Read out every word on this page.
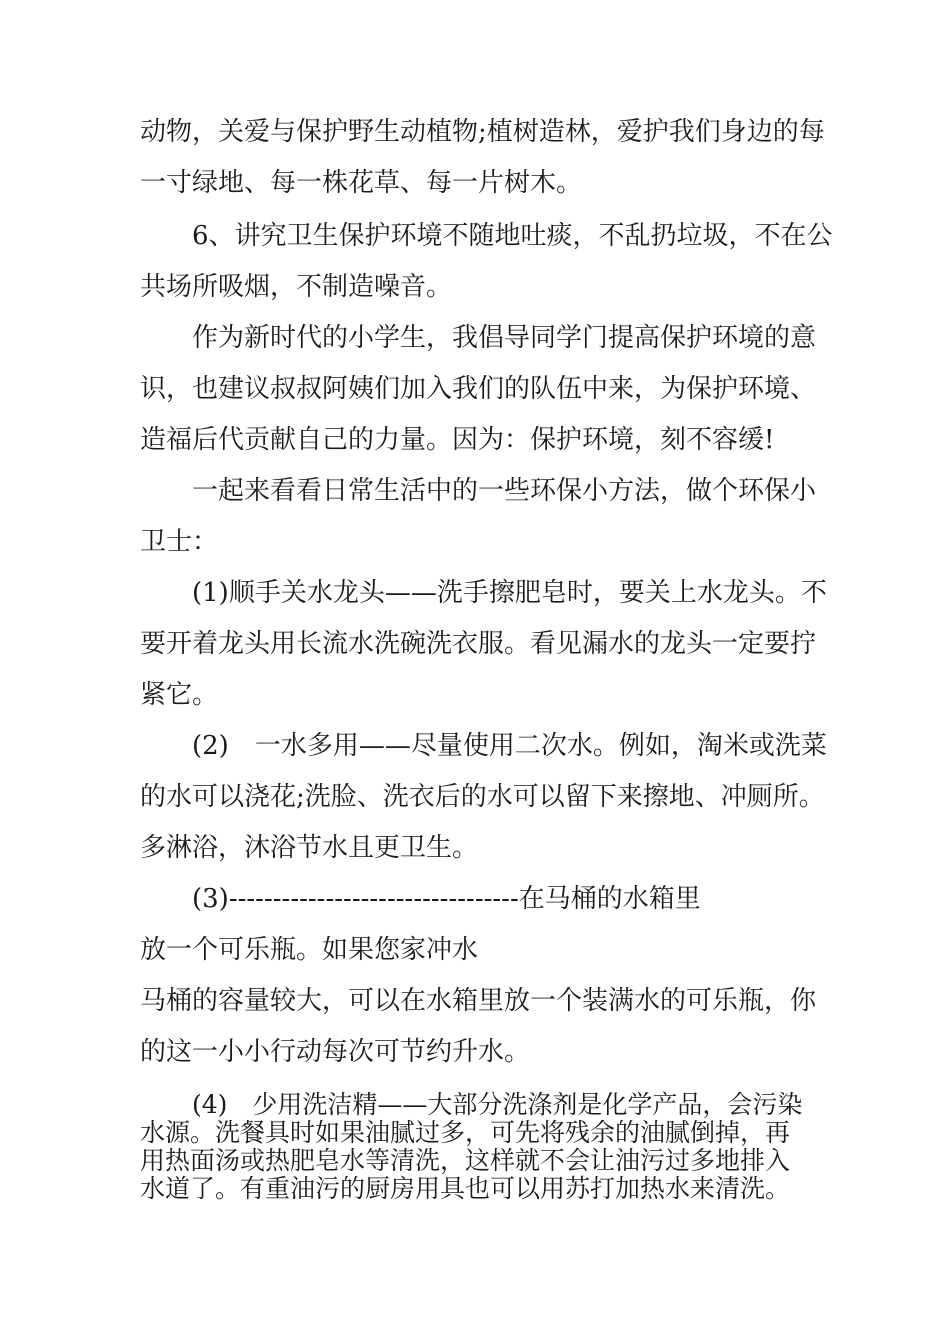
动物，关爱与保护野生动植物;植树造林，爱护我们身边的每
一寸绿地、每一株花草、每一片树木。
6、讲究卫生保护环境不随地吐痰，不乱扔垃圾，不在公
共场所吸烟，不制造噪音。
作为新时代的小学生，我倡导同学门提高保护环境的意
识，也建议叔叔阿姨们加入我们的队伍中来，为保护环境、
造福后代贡献自己的力量。因为：保护环境，刻不容缓!
一起来看看日常生活中的一些环保小方法，做个环保小
卫士：
(1)顺手关水龙头——洗手擦肥皂时，要关上水龙头。不
要开着龙头用长流水洗碗洗衣服。看见漏水的龙头一定要拧
紧它。
(2)　一水多用——尽量使用二次水。例如，淘米或洗菜
的水可以浇花;洗脸、洗衣后的水可以留下来擦地、冲厕所。
多淋浴，沐浴节水且更卫生。
(3)---------------------------------在马桶的水箱里
放一个可乐瓶。如果您家冲水
马桶的容量较大，可以在水箱里放一个装满水的可乐瓶，你
的这一小小行动每次可节约升水。
(4)　少用洗洁精——大部分洗涤剂是化学产品，会污染
水源。洗餐具时如果油腻过多，可先将残余的油腻倒掉，再
用热面汤或热肥皂水等清洗，这样就不会让油污过多地排入
水道了。有重油污的厨房用具也可以用苏打加热水来清洗。
